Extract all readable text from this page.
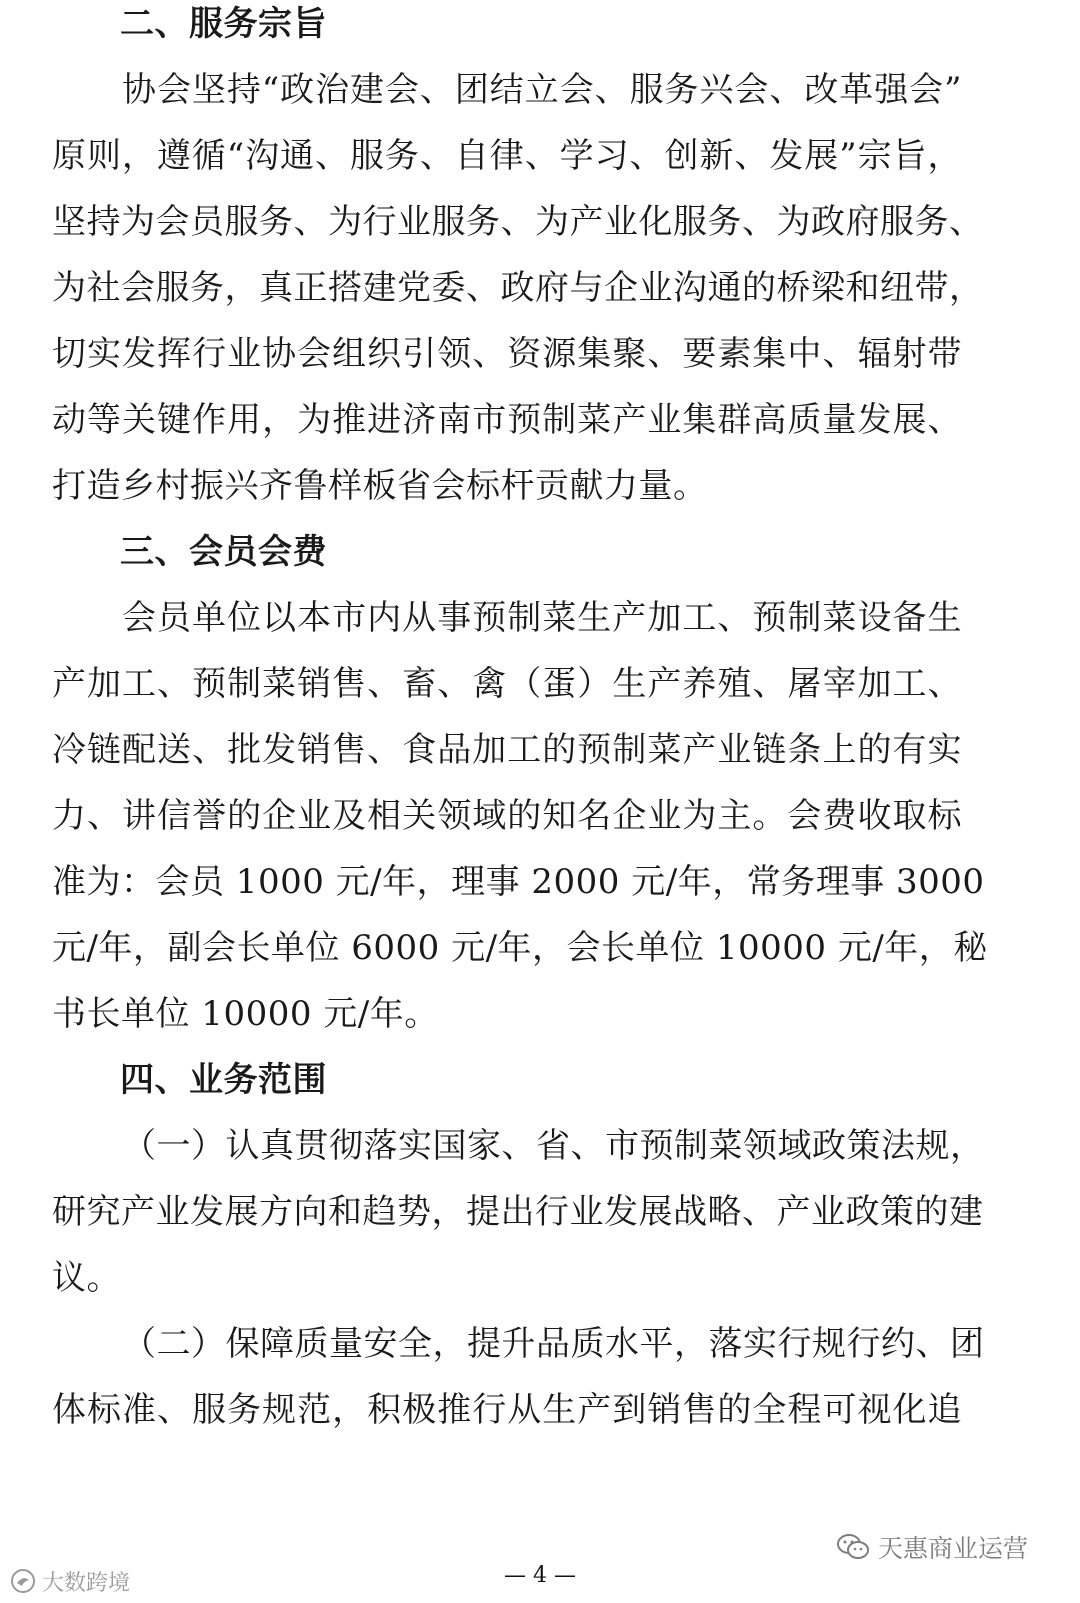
二、服务宗旨
协会坚持“政治建会、团结立会、服务兴会、改革强会”
原则，遵循“沟通、服务、自律、学习、创新、发展”宗旨，
坚持为会员服务、为行业服务、为产业化服务、为政府服务、
为社会服务，真正搭建党委、政府与企业沟通的桥梁和纽带，
切实发挥行业协会组织引领、资源集聚、要素集中、辐射带
动等关键作用，为推进济南市预制菜产业集群高质量发展、
打造乡村振兴齐鲁样板省会标杆贡献力量。
三、会员会费
会员单位以本市内从事预制菜生产加工、预制菜设备生
产加工、预制菜销售、畜、禽（蛋）生产养殖、屠宰加工、
冷链配送、批发销售、食品加工的预制菜产业链条上的有实
力、讲信誉的企业及相关领域的知名企业为主。会费收取标
准为：会员 1000 元/年，理事 2000 元/年，常务理事 3000
元/年，副会长单位 6000 元/年，会长单位 10000 元/年，秘
书长单位 10000 元/年。
四、业务范围
（一）认真贯彻落实国家、省、市预制菜领域政策法规，
研究产业发展方向和趋势，提出行业发展战略、产业政策的建
议。
（二）保障质量安全，提升品质水平，落实行规行约、团
体标准、服务规范，积极推行从生产到销售的全程可视化追
天惠商业运营
大数跨境	— 4 —
